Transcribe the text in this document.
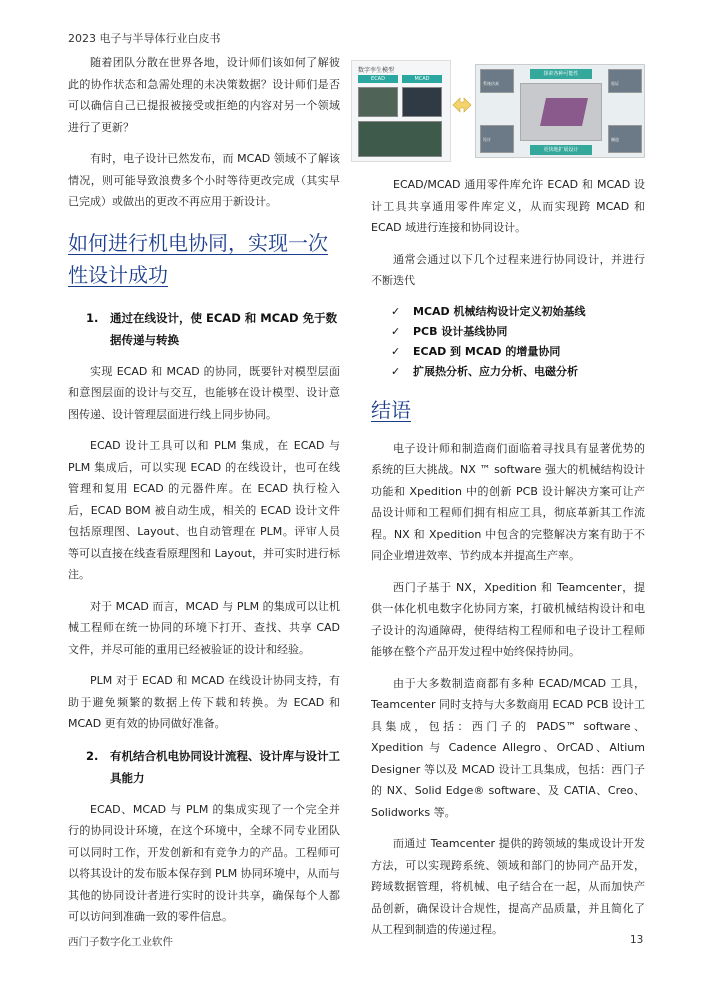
2023 电子与半导体行业白皮书

随着团队分散在世界各地，设计师们该如何了解彼此的协作状态和急需处理的未决策数据？设计师们是否可以确信自己已提报被接受或拒绝的内容对另一个领域进行了更新？

有时，电子设计已然发布，而 MCAD 领域不了解该情况，则可能导致浪费多个小时等待更改完成（其实早已完成）或做出的更改不再应用于新设计。

如何进行机电协同，实现一次性设计成功
1. 通过在线设计，使 ECAD 和 MCAD 免于数据传递与转换

实现 ECAD 和 MCAD 的协同，既要针对模型层面和意图层面的设计与交互，也能够在设计模型、设计意图传递、设计管理层面进行线上同步协同。

ECAD 设计工具可以和 PLM 集成，在 ECAD 与 PLM 集成后，可以实现 ECAD 的在线设计，也可在线管理和复用 ECAD 的元器件库。在 ECAD 执行检入后，ECAD BOM 被自动生成，相关的 ECAD 设计文件包括原理图、Layout、也自动管理在 PLM。评审人员等可以直接在线查看原理图和 Layout，并可实时进行标注。

对于 MCAD 而言，MCAD 与 PLM 的集成可以让机械工程师在统一协同的环境下打开、查找、共享 CAD 文件，并尽可能的重用已经被验证的设计和经验。

PLM 对于 ECAD 和 MCAD 在线设计协同支持，有助于避免频繁的数据上传下载和转换。为 ECAD 和 MCAD 更有效的协同做好准备。

2. 有机结合机电协同设计流程、设计库与设计工具能力

ECAD、MCAD 与 PLM 的集成实现了一个完全并行的协同设计环境，在这个环境中，全球不同专业团队可以同时工作，开发创新和有竞争力的产品。工程师可以将其设计的发布版本保存到 PLM 协同环境中，从而与其他的协同设计者进行实时的设计共享，确保每个人都可以访问到准确一致的零件信息。

数字孪生模型
ECAD	MCAD
探索各种可能性
更快地扩展设计
系统仿真
设计
验证
制造

ECAD/MCAD 通用零件库允许 ECAD 和 MCAD 设计工具共享通用零件库定义，从而实现跨 MCAD 和 ECAD 域进行连接和协同设计。

通常会通过以下几个过程来进行协同设计，并进行不断迭代

✓ MCAD 机械结构设计定义初始基线
✓ PCB 设计基线协同
✓ ECAD 到 MCAD 的增量协同
✓ 扩展热分析、应力分析、电磁分析
结语

电子设计师和制造商们面临着寻找具有显著优势的系统的巨大挑战。NX ™ software 强大的机械结构设计功能和 Xpedition 中的创新 PCB 设计解决方案可让产品设计师和工程师们拥有相应工具，彻底革新其工作流程。NX 和 Xpedition 中包含的完整解决方案有助于不同企业增进效率、节约成本并提高生产率。

西门子基于 NX，Xpedition 和 Teamcenter，提供一体化机电数字化协同方案，打破机械结构设计和电子设计的沟通障碍，使得结构工程师和电子设计工程师能够在整个产品开发过程中始终保持协同。

由于大多数制造商都有多种 ECAD/MCAD 工具，Teamcenter 同时支持与大多数商用 ECAD PCB 设计工具集成，包括：西门子的 PADS™ software、Xpedition 与 Cadence Allegro、OrCAD、Altium Designer 等以及 MCAD 设计工具集成，包括：西门子的 NX、Solid Edge® software、及 CATIA、Creo、Solidworks 等。

而通过 Teamcenter 提供的跨领域的集成设计开发方法，可以实现跨系统、领域和部门的协同产品开发，跨域数据管理，将机械、电子结合在一起，从而加快产品创新，确保设计合规性，提高产品质量，并且简化了从工程到制造的传递过程。

西门子数字化工业软件	13
